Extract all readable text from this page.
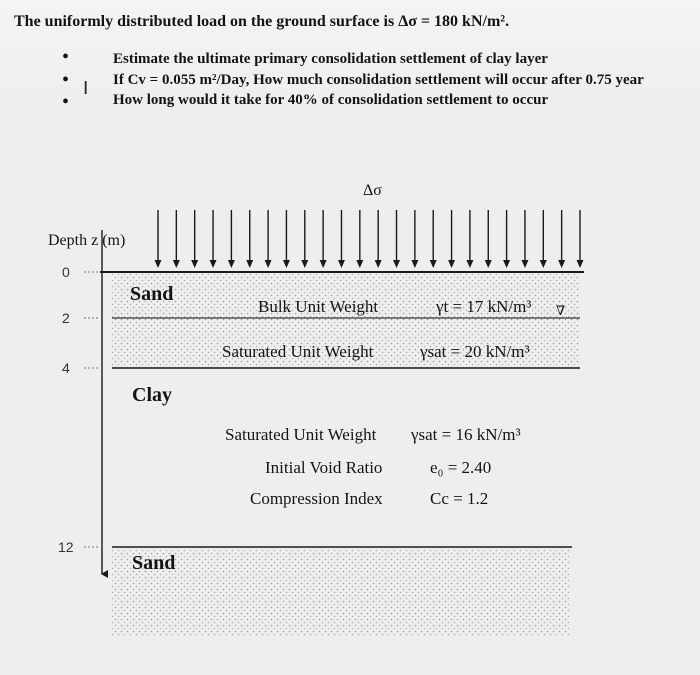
The uniformly distributed load on the ground surface is Δσ = 180 kN/m².
•
•
•
I
Estimate the ultimate primary consolidation settlement of clay layer
If Cv = 0.055 m²/Day, How much consolidation settlement will occur after 0.75 year
How long would it take for 40% of consolidation settlement to occur
Δσ
Depth z (m)
0
2
4
12
Sand
Bulk Unit Weight	γt = 17 kN/m³ ∇
Saturated Unit Weight	γsat = 20 kN/m³
Clay
Saturated Unit Weight γsat = 16 kN/m³
Initial Void Ratio	e₀ = 2.40
Compression Index	Cc = 1.2
Sand
